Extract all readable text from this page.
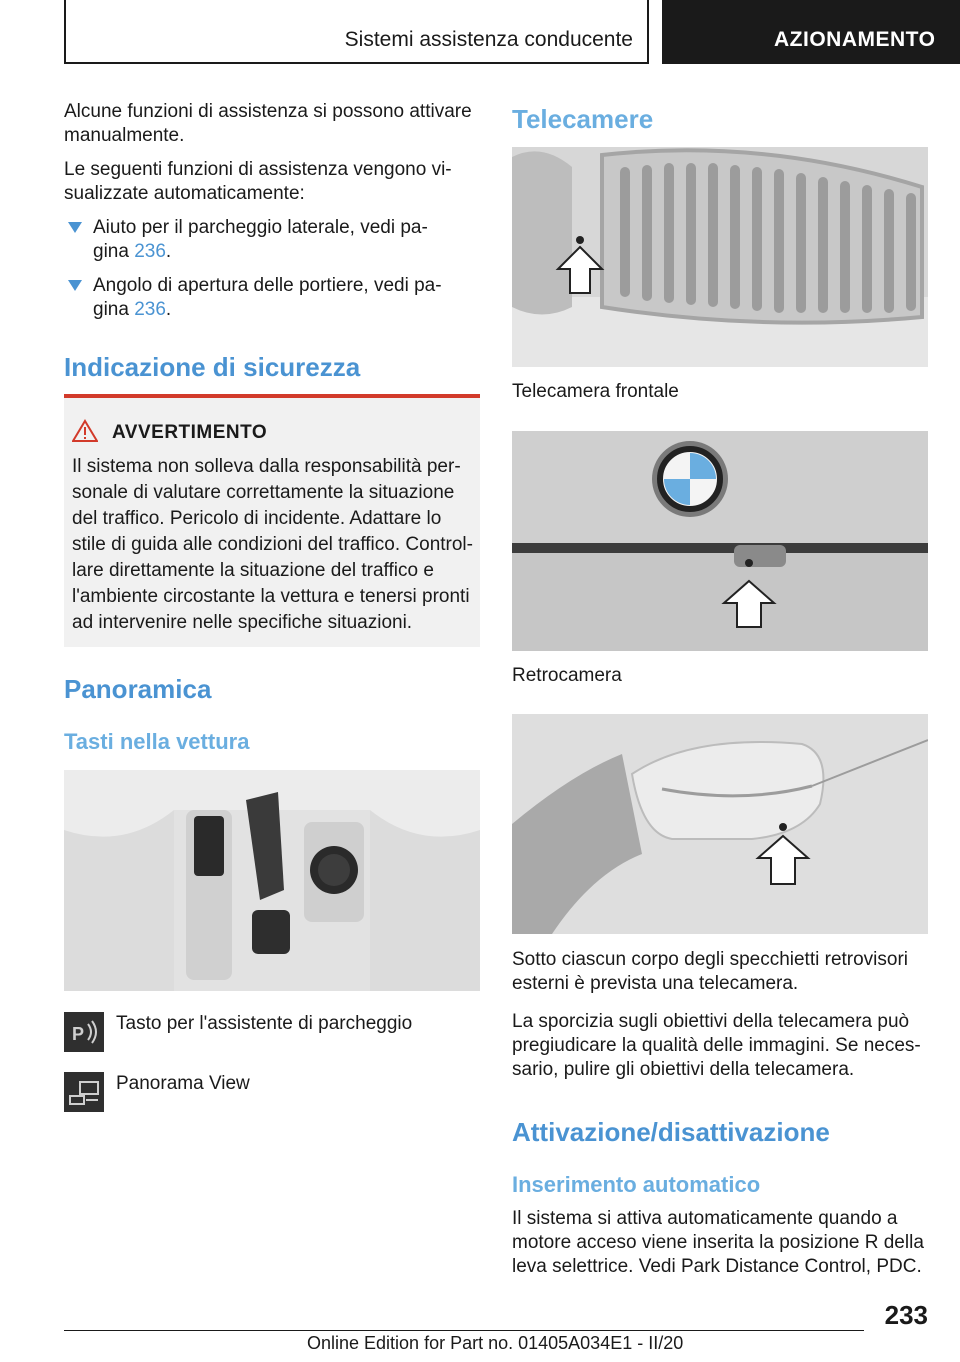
Sistemi assistenza conducente	AZIONAMENTO

Alcune funzioni di assistenza si possono attivare manualmente.

Le seguenti funzioni di assistenza vengono vi-

sualizzate automaticamente:

Aiuto per il parcheggio laterale, vedi pa-
gina 236.
Angolo di apertura delle portiere, vedi pa-
gina 236.
Indicazione di sicurezza
AVVERTIMENTO
Il sistema non solleva dalla responsabilità per-
sonale di valutare correttamente la situazione
del traffico. Pericolo di incidente. Adattare lo
stile di guida alle condizioni del traffico. Control-
lare direttamente la situazione del traffico e
l'ambiente circostante la vettura e tenersi pronti
ad intervenire nelle specifiche situazioni.
Panoramica
Tasti nella vettura
P Tasto per l'assistente di parcheggio

Panorama View

Telecamere

Telecamera frontale

Retrocamera

Sotto ciascun corpo degli specchietti retrovisori

esterni è prevista una telecamera.

La sporcizia sugli obiettivi della telecamera può

pregiudicare la qualità delle immagini. Se neces-

sario, pulire gli obiettivi della telecamera.

Attivazione/disattivazione
Inserimento automatico

Il sistema si attiva automaticamente quando a

motore acceso viene inserita la posizione R della

leva selettrice. Vedi Park Distance Control, PDC.

233
Online Edition for Part no. 01405A034E1 - II/20
